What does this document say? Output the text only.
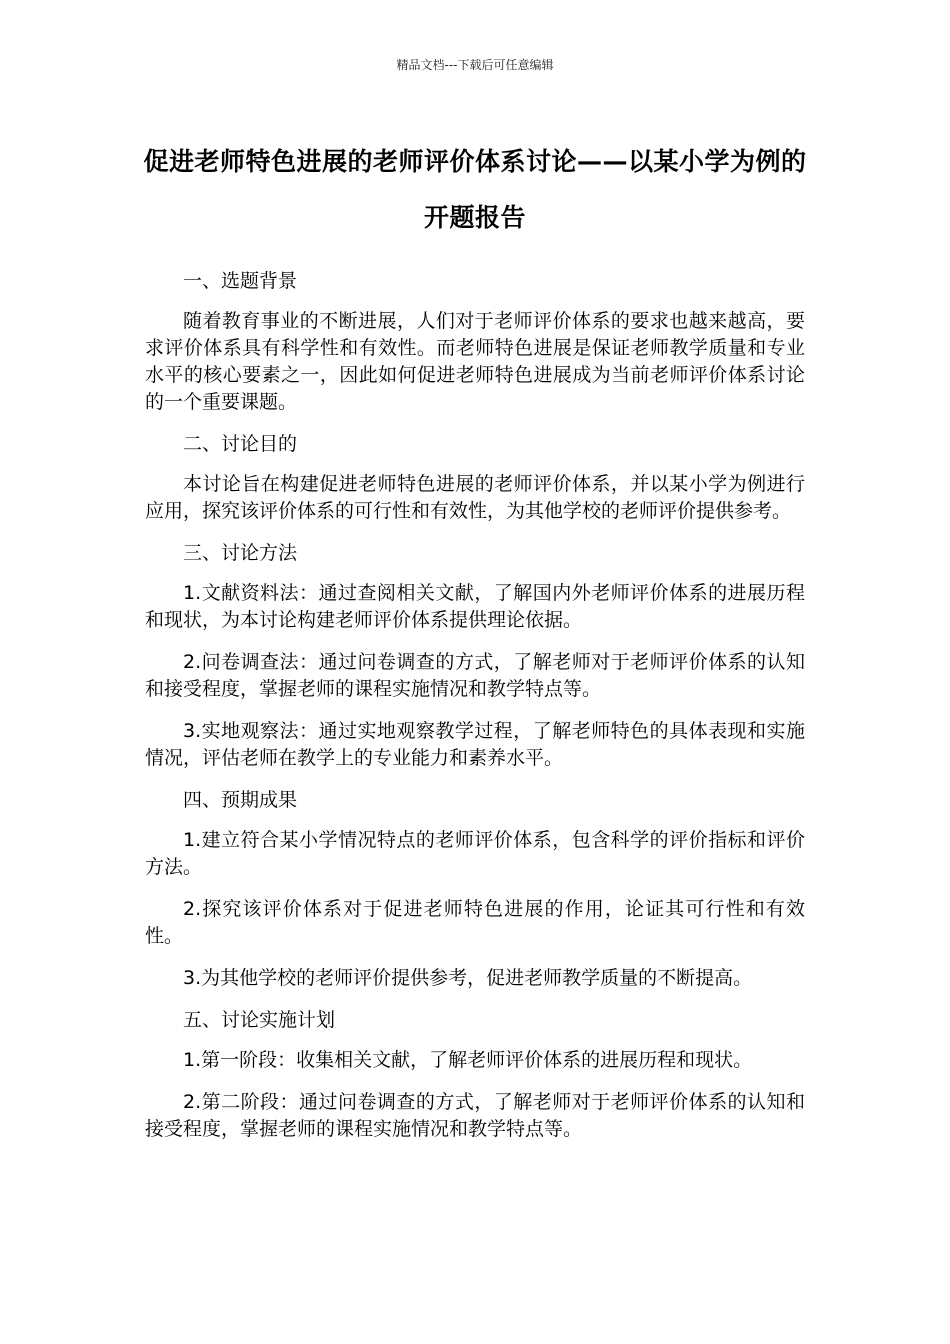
精品文档---下载后可任意编辑
促进老师特色进展的老师评价体系讨论——以某小学为例的开题报告

一、选题背景

随着教育事业的不断进展，人们对于老师评价体系的要求也越来越高，要求评价体系具有科学性和有效性。而老师特色进展是保证老师教学质量和专业水平的核心要素之一，因此如何促进老师特色进展成为当前老师评价体系讨论的一个重要课题。

二、讨论目的

本讨论旨在构建促进老师特色进展的老师评价体系，并以某小学为例进行应用，探究该评价体系的可行性和有效性，为其他学校的老师评价提供参考。

三、讨论方法

1.文献资料法：通过查阅相关文献，了解国内外老师评价体系的进展历程和现状，为本讨论构建老师评价体系提供理论依据。

2.问卷调查法：通过问卷调查的方式，了解老师对于老师评价体系的认知和接受程度，掌握老师的课程实施情况和教学特点等。

3.实地观察法：通过实地观察教学过程，了解老师特色的具体表现和实施情况，评估老师在教学上的专业能力和素养水平。

四、预期成果

1.建立符合某小学情况特点的老师评价体系，包含科学的评价指标和评价方法。

2.探究该评价体系对于促进老师特色进展的作用，论证其可行性和有效性。

3.为其他学校的老师评价提供参考，促进老师教学质量的不断提高。

五、讨论实施计划

1.第一阶段：收集相关文献，了解老师评价体系的进展历程和现状。

2.第二阶段：通过问卷调查的方式，了解老师对于老师评价体系的认知和接受程度，掌握老师的课程实施情况和教学特点等。
